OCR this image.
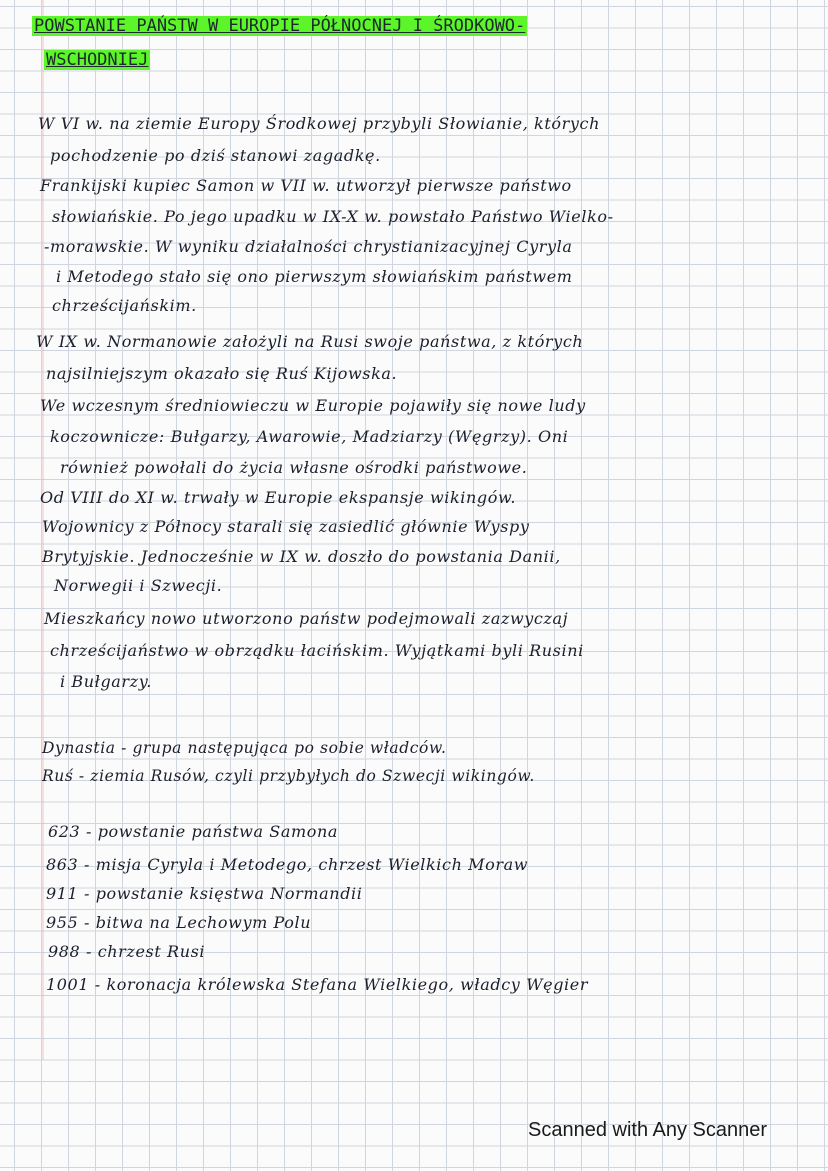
POWSTANIE PAŃSTW W EUROPIE PÓŁNOCNEJ I ŚRODKOWO-
WSCHODNIEJ
W VI w. na ziemie Europy Środkowej przybyli Słowianie, których
pochodzenie po dziś stanowi zagadkę.
Frankijski kupiec Samon w VII w. utworzył pierwsze państwo
słowiańskie. Po jego upadku w IX-X w. powstało Państwo Wielko-
-morawskie. W wyniku działalności chrystianizacyjnej Cyryla
i Metodego stało się ono pierwszym słowiańskim państwem
chrześcijańskim.
W IX w. Normanowie założyli na Rusi swoje państwa, z których
najsilniejszym okazało się Ruś Kijowska.
We wczesnym średniowieczu w Europie pojawiły się nowe ludy
koczownicze: Bułgarzy, Awarowie, Madziarzy (Węgrzy). Oni
również powołali do życia własne ośrodki państwowe.
Od VIII do XI w. trwały w Europie ekspansje wikingów.
Wojownicy z Północy starali się zasiedlić głównie Wyspy
Brytyjskie. Jednocześnie w IX w. doszło do powstania Danii,
Norwegii i Szwecji.
Mieszkańcy nowo utworzono państw podejmowali zazwyczaj
chrześcijaństwo w obrządku łacińskim. Wyjątkami byli Rusini
i Bułgarzy.
Dynastia - grupa następująca po sobie władców.
Ruś - ziemia Rusów, czyli przybyłych do Szwecji wikingów.
623 - powstanie państwa Samona
863 - misja Cyryla i Metodego, chrzest Wielkich Moraw
911 - powstanie księstwa Normandii
955 - bitwa na Lechowym Polu
988 - chrzest Rusi
1001 - koronacja królewska Stefana Wielkiego, władcy Węgier
Scanned with Any Scanner
